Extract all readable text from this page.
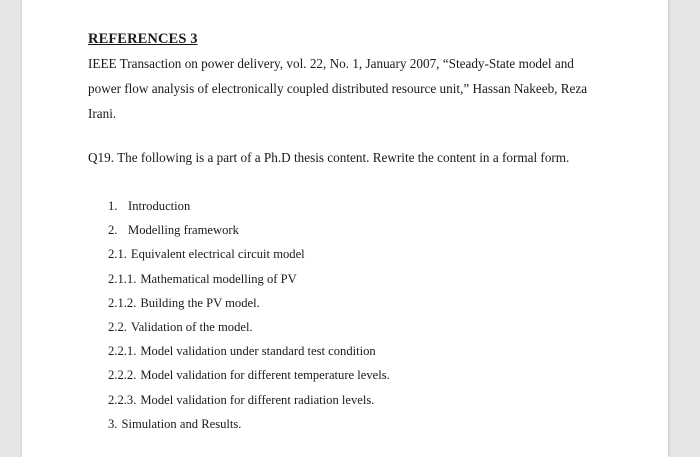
REFERENCES 3
IEEE Transaction on power delivery, vol. 22, No. 1, January 2007, “Steady-State model and
power flow analysis of electronically coupled distributed resource unit,” Hassan Nakeeb, Reza
Irani.
Q19. The following is a part of a Ph.D thesis content. Rewrite the content in a formal form.
1. Introduction
2. Modelling framework
2.1. Equivalent electrical circuit model
2.1.1. Mathematical modelling of PV
2.1.2. Building the PV model.
2.2. Validation of the model.
2.2.1. Model validation under standard test condition
2.2.2. Model validation for different temperature levels.
2.2.3. Model validation for different radiation levels.
3. Simulation and Results.
